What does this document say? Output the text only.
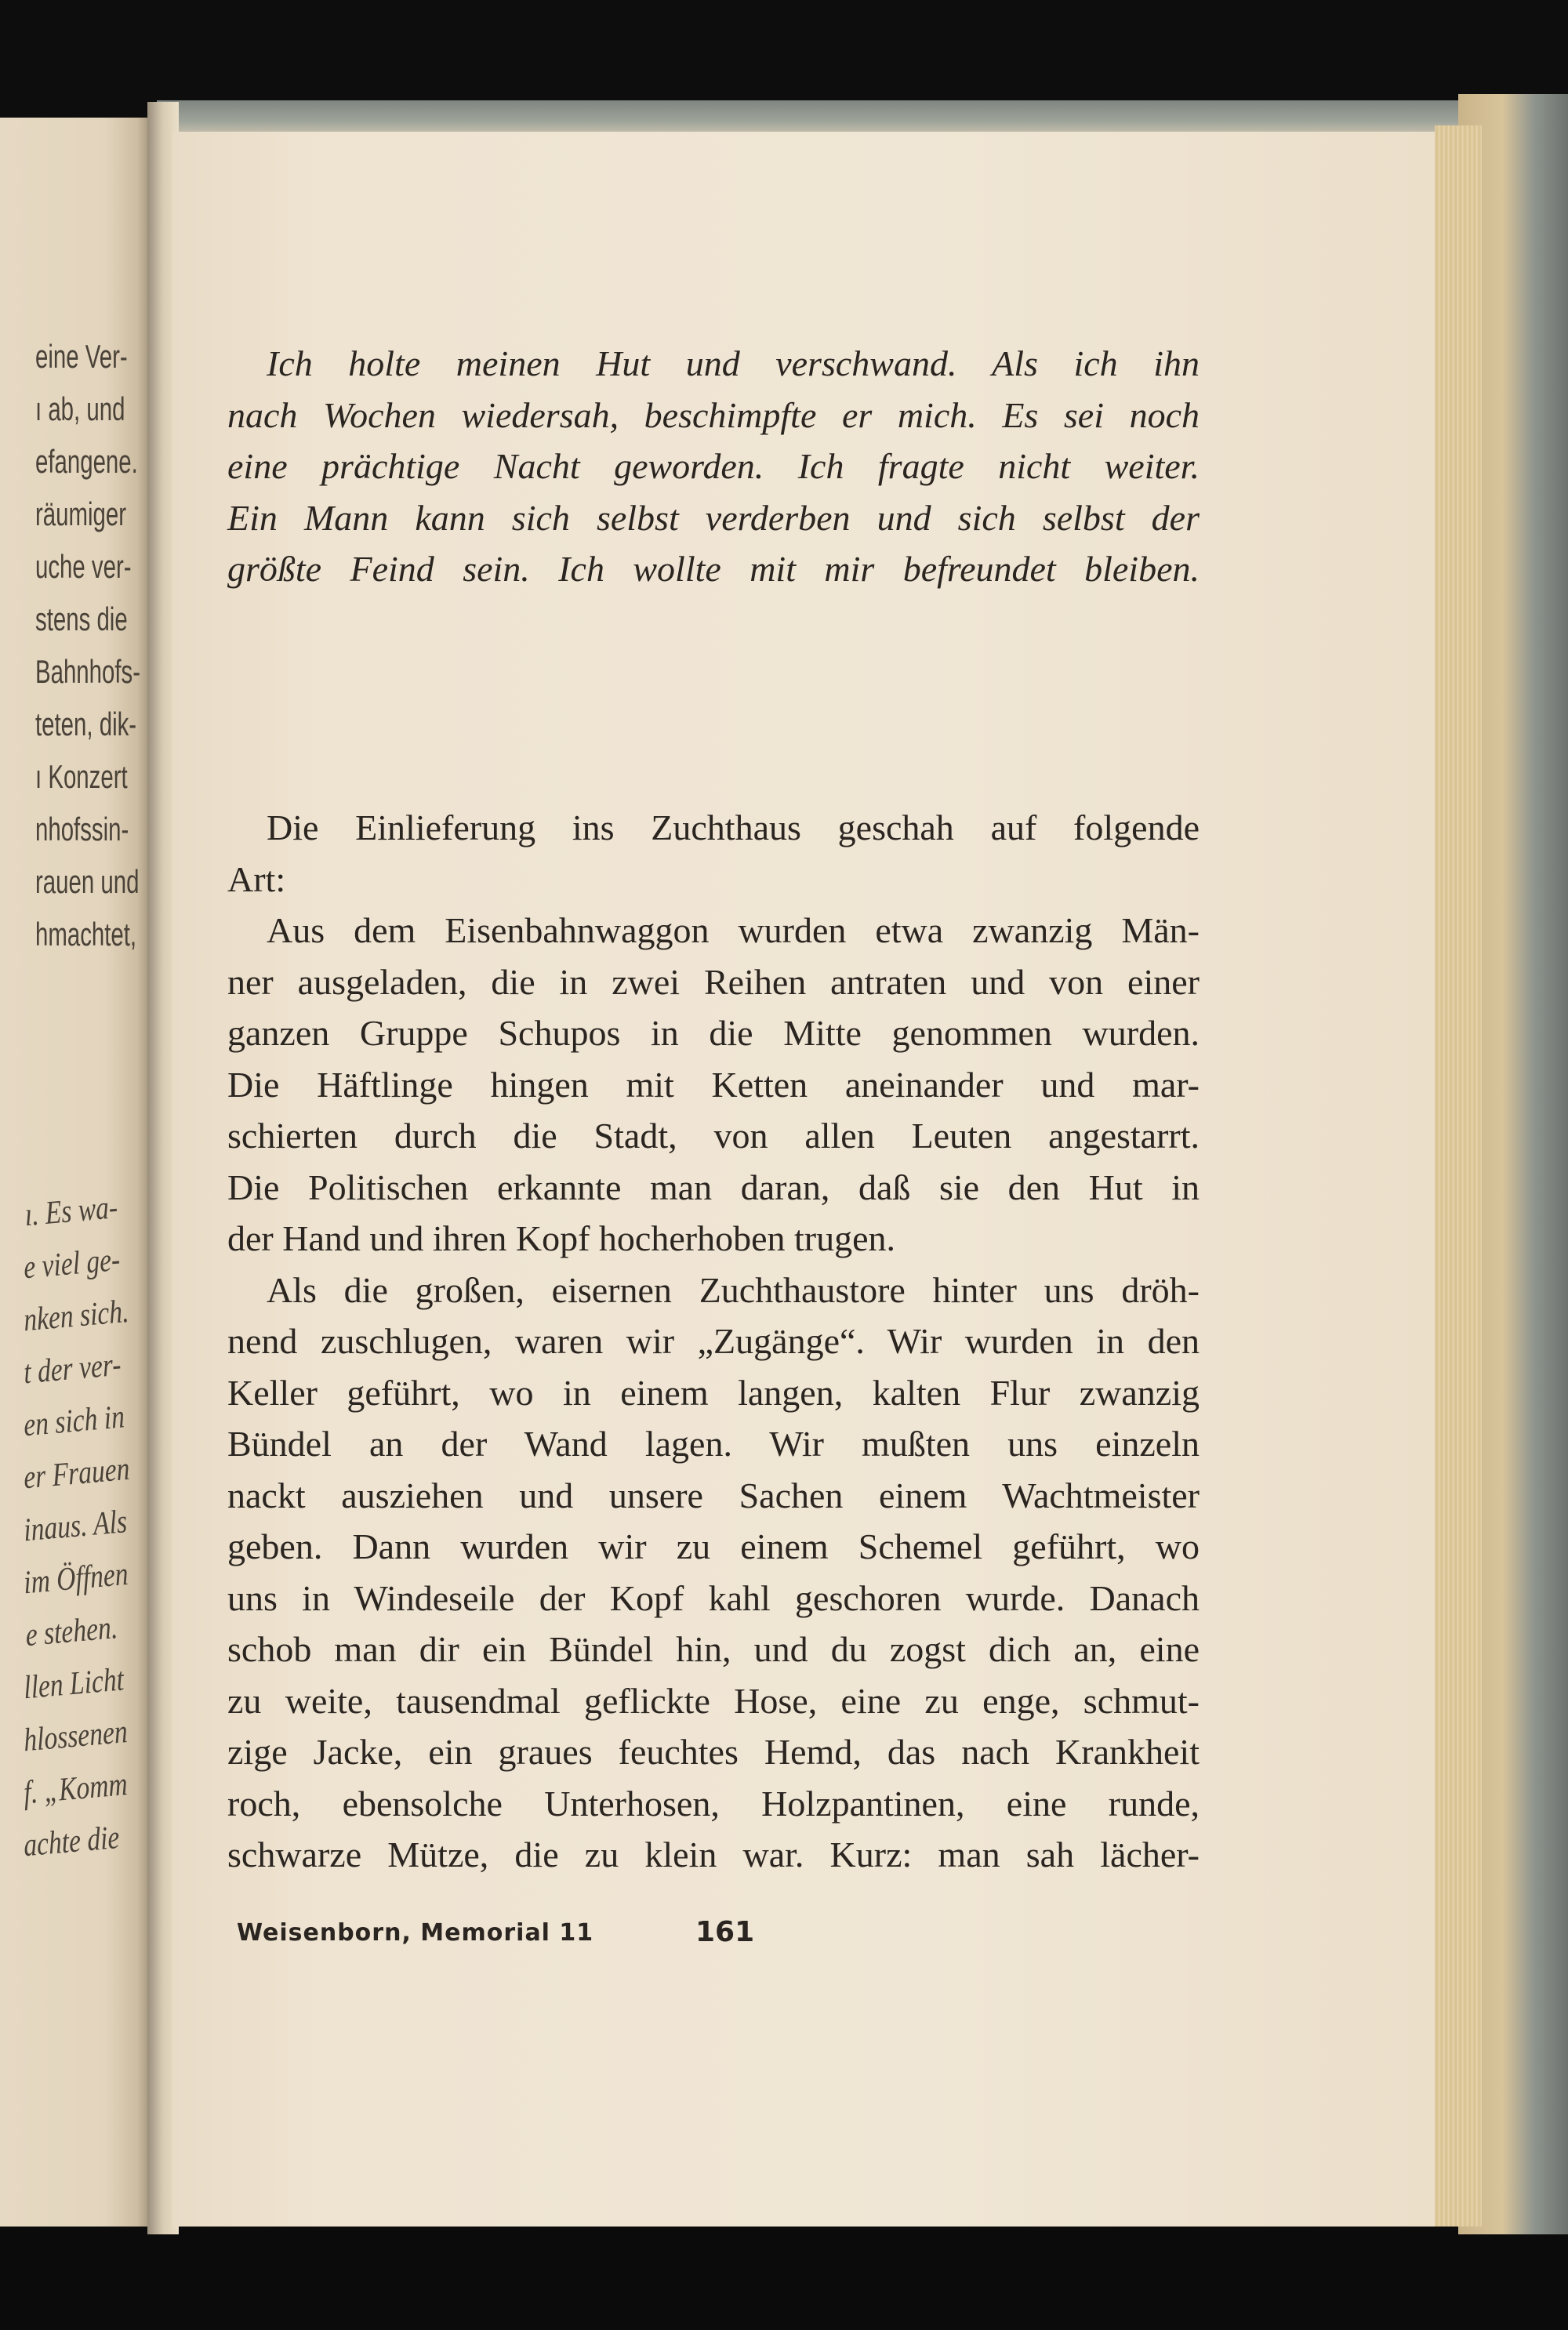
eine Ver-
ı ab, und
efangene.
räumiger
uche ver-
stens die
Bahnhofs-
teten, dik-
ı Konzert
nhofssin-
rauen und
hmachtet,
ı. Es wa-
e viel ge-
nken sich.
t der ver-
en sich in
er Frauen
inaus. Als
im Öffnen
e stehen.
llen Licht
hlossenen
f. „Komm
achte die
Ich holte meinen Hut und verschwand. Als ich ihn
nach Wochen wiedersah, beschimpfte er mich. Es sei noch
eine prächtige Nacht geworden. Ich fragte nicht weiter.
Ein Mann kann sich selbst verderben und sich selbst der
größte Feind sein. Ich wollte mit mir befreundet bleiben.
Die Einlieferung ins Zuchthaus geschah auf folgende
Art:
Aus dem Eisenbahnwaggon wurden etwa zwanzig Män-
ner ausgeladen, die in zwei Reihen antraten und von einer
ganzen Gruppe Schupos in die Mitte genommen wurden.
Die Häftlinge hingen mit Ketten aneinander und mar-
schierten durch die Stadt, von allen Leuten angestarrt.
Die Politischen erkannte man daran, daß sie den Hut in
der Hand und ihren Kopf hocherhoben trugen.
Als die großen, eisernen Zuchthaustore hinter uns dröh-
nend zuschlugen, waren wir „Zugänge“. Wir wurden in den
Keller geführt, wo in einem langen, kalten Flur zwanzig
Bündel an der Wand lagen. Wir mußten uns einzeln
nackt ausziehen und unsere Sachen einem Wachtmeister
geben. Dann wurden wir zu einem Schemel geführt, wo
uns in Windeseile der Kopf kahl geschoren wurde. Danach
schob man dir ein Bündel hin, und du zogst dich an, eine
zu weite, tausendmal geflickte Hose, eine zu enge, schmut-
zige Jacke, ein graues feuchtes Hemd, das nach Krankheit
roch, ebensolche Unterhosen, Holzpantinen, eine runde,
schwarze Mütze, die zu klein war. Kurz: man sah lächer-
Weisenborn, Memorial 11	161
